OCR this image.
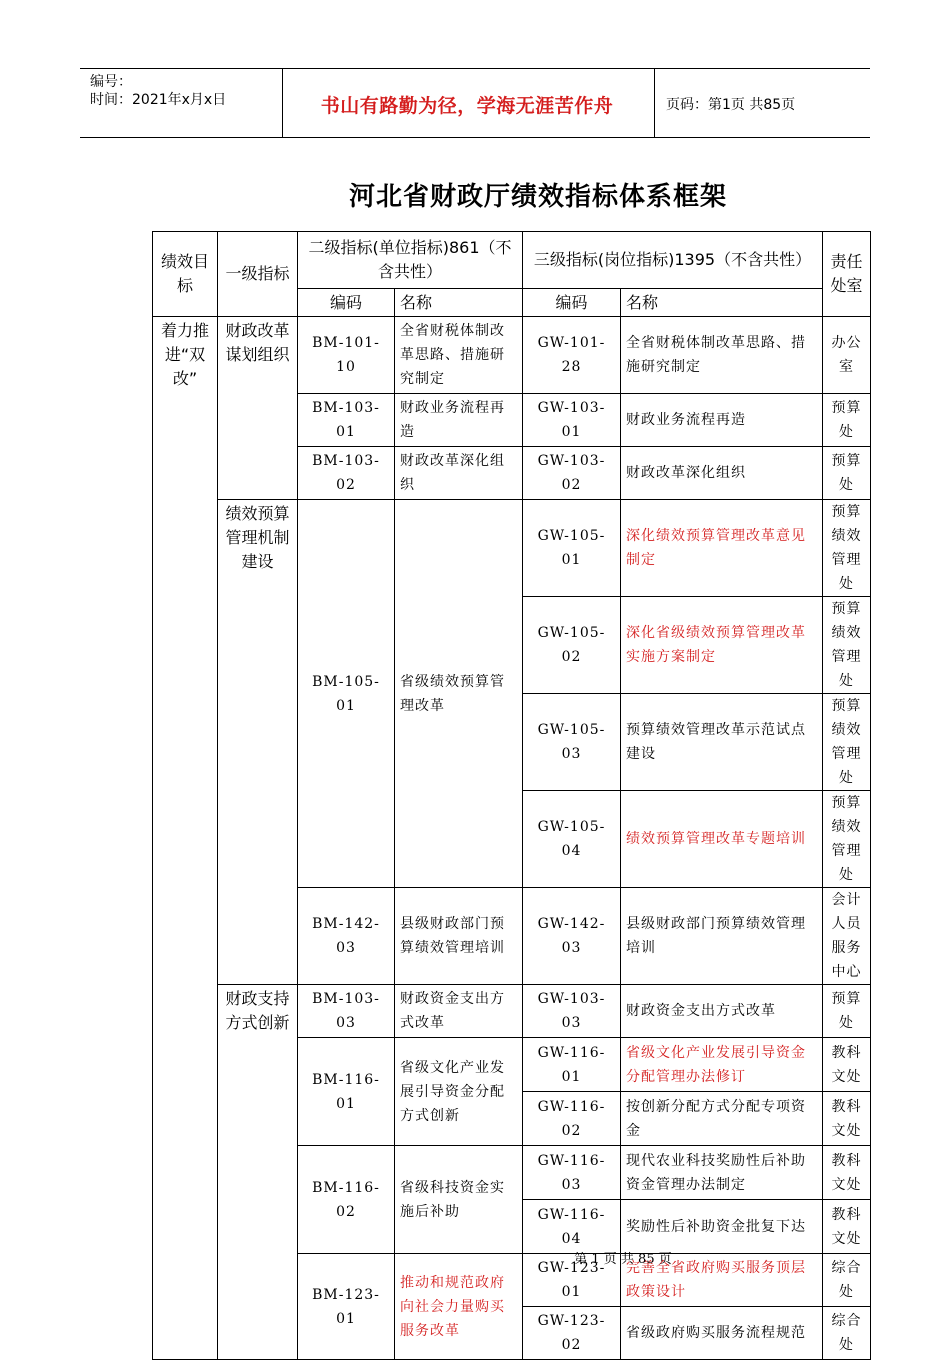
编号：
时间：2021年x月x日	书山有路勤为径，学海无涯苦作舟	页码：第1页 共85页
河北省财政厅绩效指标体系框架
绩效目标	一级指标	二级指标(单位指标)861（不含共性）		三级指标(岗位指标)1395（不含共性）		责任处室
		编码	名称	编码	名称	
着力推进“双改”	财政改革谋划组织	BM-101-10	全省财税体制改革思路、措施研究制定	GW-101-28	全省财税体制改革思路、措施研究制定	办公室
		BM-103-01	财政业务流程再造	GW-103-01	财政业务流程再造	预算处
		BM-103-02	财政改革深化组织	GW-103-02	财政改革深化组织	预算处
	绩效预算管理机制建设	BM-105-01	省级绩效预算管理改革	GW-105-01	深化绩效预算管理改革意见制定	预算绩效管理处
				GW-105-02	深化省级绩效预算管理改革实施方案制定	预算绩效管理处
				GW-105-03	预算绩效管理改革示范试点建设	预算绩效管理处
				GW-105-04	绩效预算管理改革专题培训	预算绩效管理处
		BM-142-03	县级财政部门预算绩效管理培训	GW-142-03	县级财政部门预算绩效管理培训	会计人员服务中心
	财政支持方式创新	BM-103-03	财政资金支出方式改革	GW-103-03	财政资金支出方式改革	预算处
		BM-116-01	省级文化产业发展引导资金分配方式创新	GW-116-01	省级文化产业发展引导资金分配管理办法修订	教科文处
				GW-116-02	按创新分配方式分配专项资金	教科文处
		BM-116-02	省级科技资金实施后补助	GW-116-03	现代农业科技奖励性后补助资金管理办法制定	教科文处
				GW-116-04	奖励性后补助资金批复下达	教科文处
		BM-123-01	推动和规范政府向社会力量购买服务改革	GW-123-01	完善全省政府购买服务顶层政策设计	综合处
				GW-123-02	省级政府购买服务流程规范	综合处
第 1 页 共 85 页
